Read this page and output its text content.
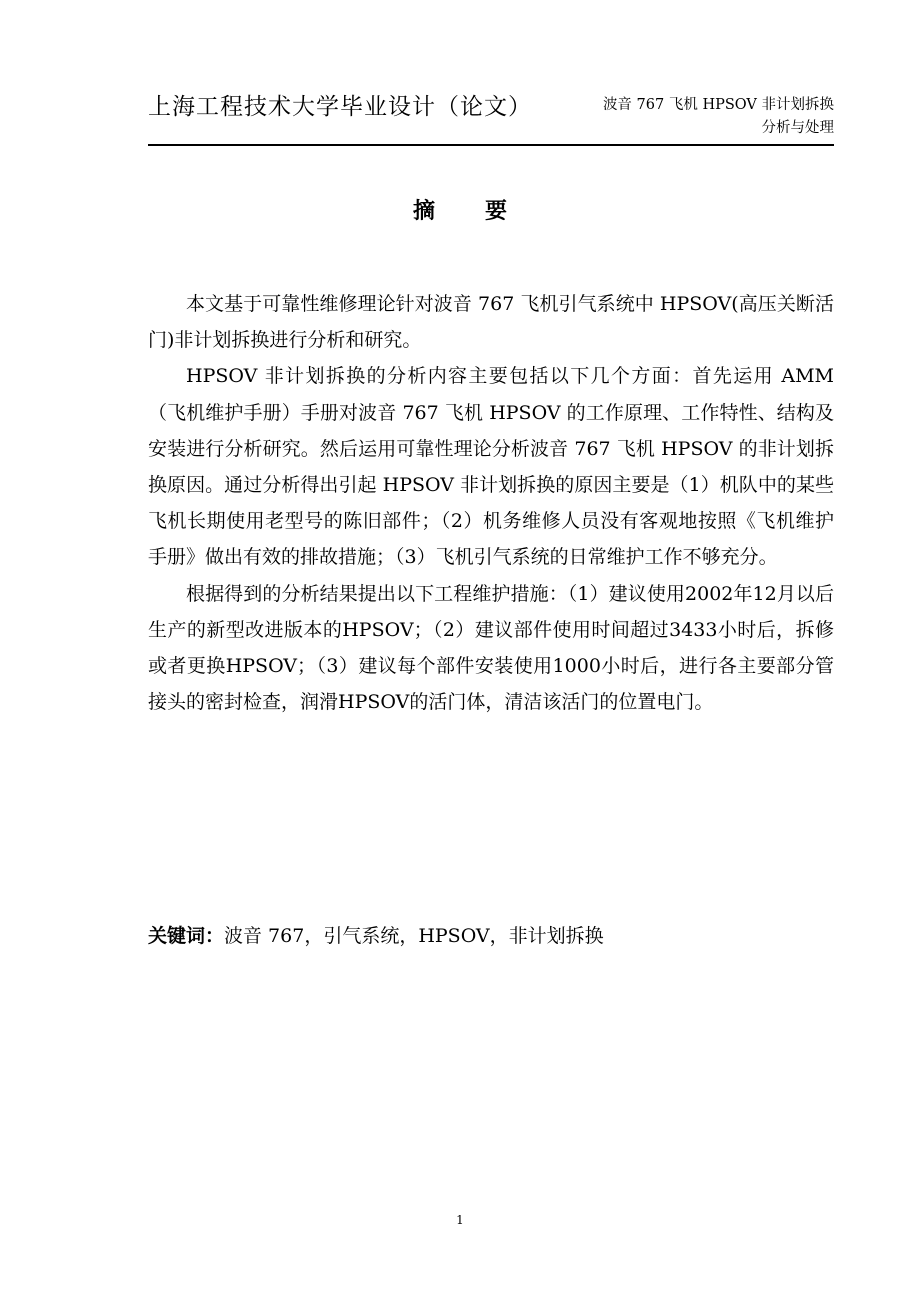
上海工程技术大学毕业设计（论文）	波音 767 飞机 HPSOV 非计划拆换
分析与处理
摘要

本文基于可靠性维修理论针对波音 767 飞机引气系统中 HPSOV(高压关断活门)非计划拆换进行分析和研究。

HPSOV 非计划拆换的分析内容主要包括以下几个方面：首先运用 AMM（飞机维护手册）手册对波音 767 飞机 HPSOV 的工作原理、工作特性、结构及安装进行分析研究。然后运用可靠性理论分析波音 767 飞机 HPSOV 的非计划拆换原因。通过分析得出引起 HPSOV 非计划拆换的原因主要是（1）机队中的某些飞机长期使用老型号的陈旧部件；（2）机务维修人员没有客观地按照《飞机维护手册》做出有效的排故措施；（3）飞机引气系统的日常维护工作不够充分。

根据得到的分析结果提出以下工程维护措施：（1）建议使用2002年12月以后生产的新型改进版本的HPSOV；（2）建议部件使用时间超过3433小时后，拆修或者更换HPSOV；（3）建议每个部件安装使用1000小时后，进行各主要部分管接头的密封检查，润滑HPSOV的活门体，清洁该活门的位置电门。

关键词：波音 767，引气系统，HPSOV，非计划拆换
1
